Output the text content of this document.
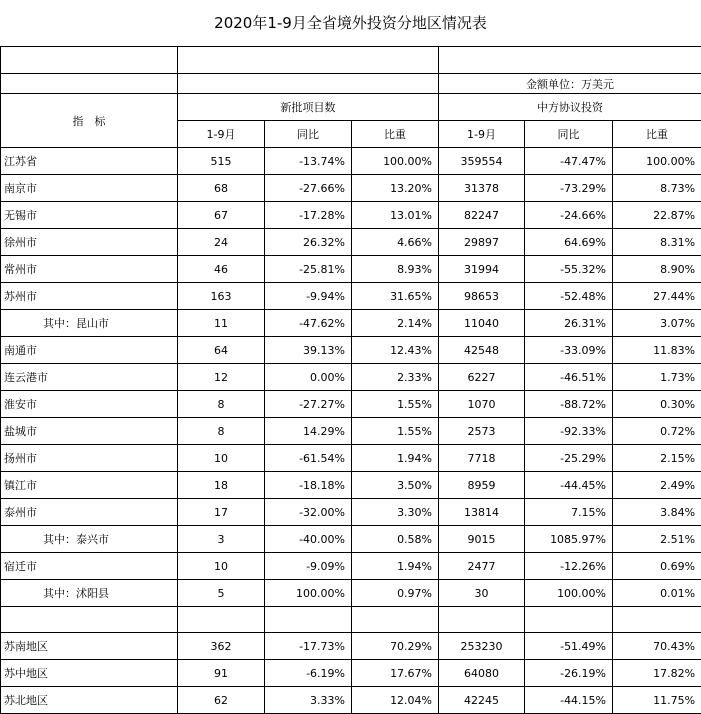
2020年1-9月全省境外投资分地区情况表

				金额单位：万美元		
指　标	新批项目数			中方协议投资		
	1-9月	同比	比重	1-9月	同比	比重
江苏省	515	-13.74%	100.00%	359554	-47.47%	100.00%
南京市	68	-27.66%	13.20%	31378	-73.29%	8.73%
无锡市	67	-17.28%	13.01%	82247	-24.66%	22.87%
徐州市	24	26.32%	4.66%	29897	64.69%	8.31%
常州市	46	-25.81%	8.93%	31994	-55.32%	8.90%
苏州市	163	-9.94%	31.65%	98653	-52.48%	27.44%
其中：昆山市	11	-47.62%	2.14%	11040	26.31%	3.07%
南通市	64	39.13%	12.43%	42548	-33.09%	11.83%
连云港市	12	0.00%	2.33%	6227	-46.51%	1.73%
淮安市	8	-27.27%	1.55%	1070	-88.72%	0.30%
盐城市	8	14.29%	1.55%	2573	-92.33%	0.72%
扬州市	10	-61.54%	1.94%	7718	-25.29%	2.15%
镇江市	18	-18.18%	3.50%	8959	-44.45%	2.49%
泰州市	17	-32.00%	3.30%	13814	7.15%	3.84%
其中：泰兴市	3	-40.00%	0.58%	9015	1085.97%	2.51%
宿迁市	10	-9.09%	1.94%	2477	-12.26%	0.69%
其中：沭阳县	5	100.00%	0.97%	30	100.00%	0.01%

苏南地区	362	-17.73%	70.29%	253230	-51.49%	70.43%
苏中地区	91	-6.19%	17.67%	64080	-26.19%	17.82%
苏北地区	62	3.33%	12.04%	42245	-44.15%	11.75%
